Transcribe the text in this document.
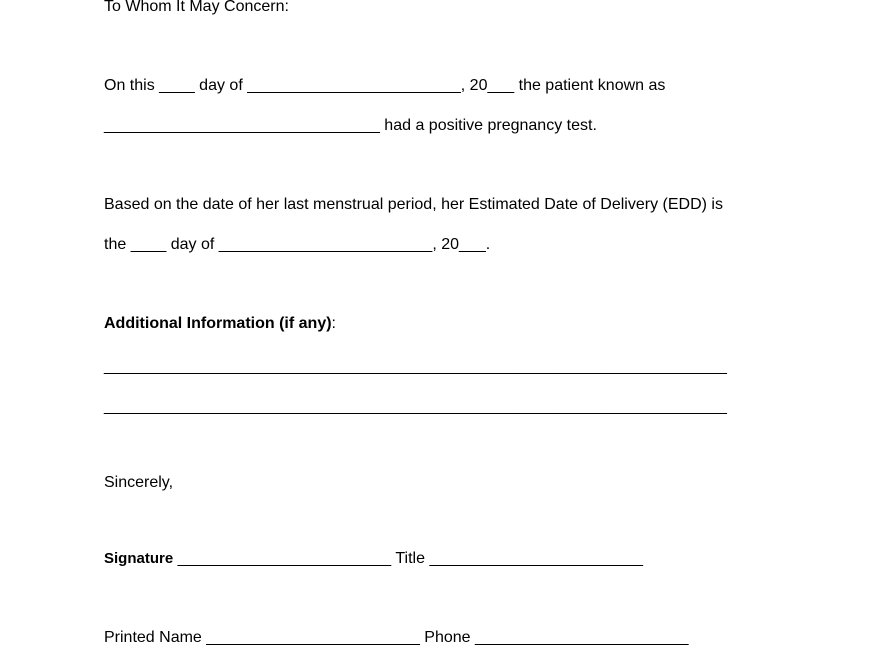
To Whom It May Concern:
On this ____ day of ________________________, 20___ the patient known as
_______________________________ had a positive pregnancy test.
Based on the date of her last menstrual period, her Estimated Date of Delivery (EDD) is
the ____ day of ________________________, 20___.
Additional Information (if any):
______________________________________________________________________
______________________________________________________________________
Sincerely,
Signature ________________________ Title ________________________
Printed Name ________________________ Phone ________________________
